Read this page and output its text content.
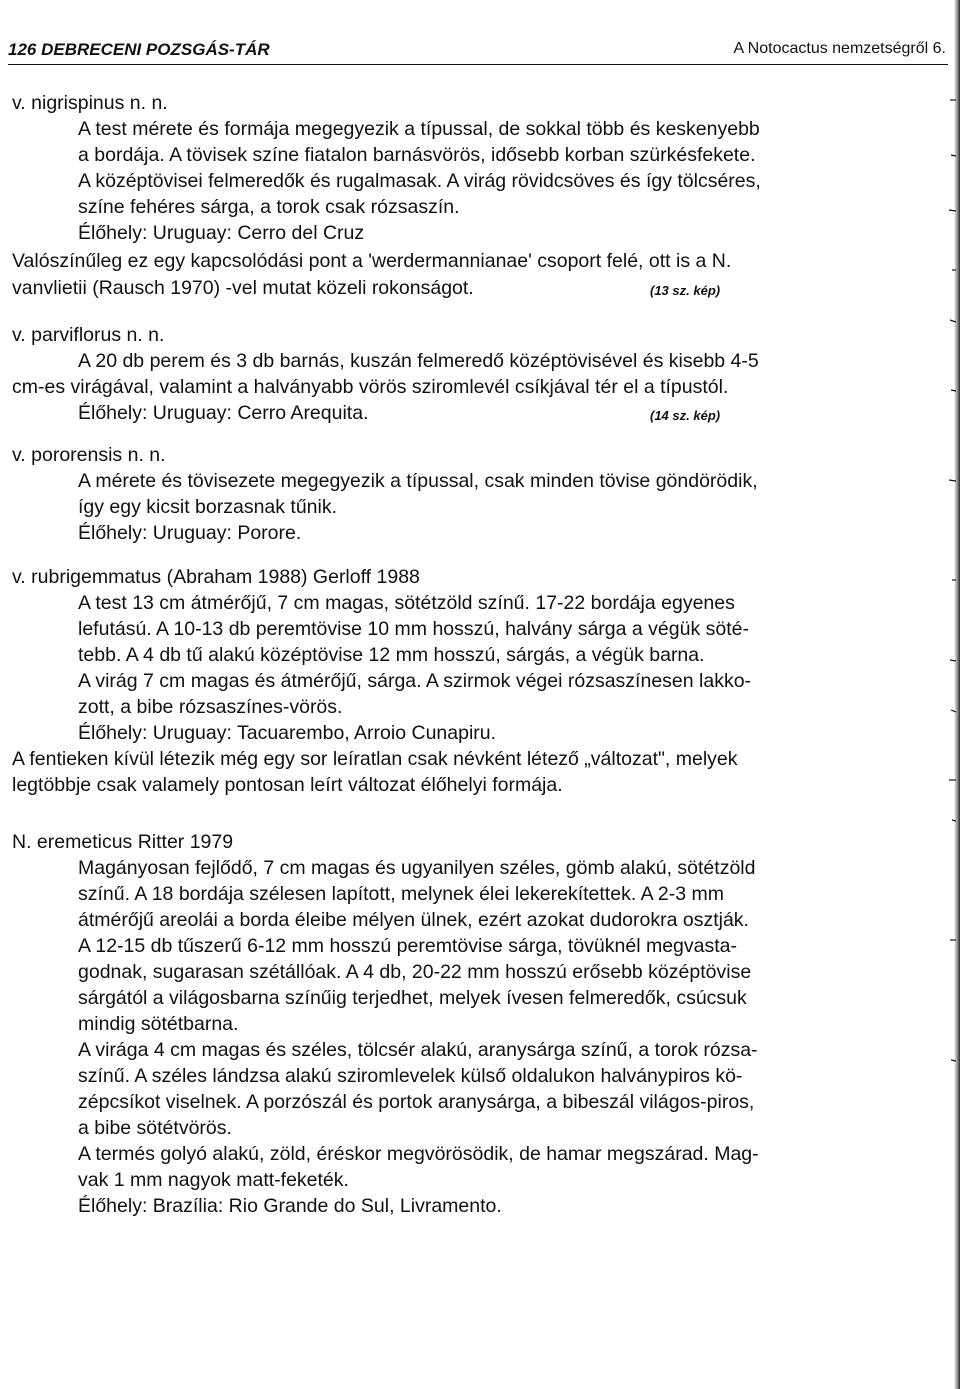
126 DEBRECENI POZSGÁS-TÁR	A Notocactus nemzetségről 6.
v. nigrispinus n. n.
A test mérete és formája megegyezik a típussal, de sokkal több és keskenyebb
a bordája. A tövisek színe fiatalon barnásvörös, idősebb korban szürkésfekete.
A középtövisei felmeredők és rugalmasak. A virág rövidcsöves és így tölcséres,
színe fehéres sárga, a torok csak rózsaszín.
Élőhely: Uruguay: Cerro del Cruz
Valószínűleg ez egy kapcsolódási pont a 'werdermannianae' csoport felé, ott is a N.
vanvlietii (Rausch 1970) -vel mutat közeli rokonságot.	(13 sz. kép)
v. parviflorus n. n.
A 20 db perem és 3 db barnás, kuszán felmeredő középtövisével és kisebb 4-5
cm-es virágával, valamint a halványabb vörös sziromlevél csíkjával tér el a típustól.
Élőhely: Uruguay: Cerro Arequita.	(14 sz. kép)
v. pororensis n. n.
A mérete és tövisezete megegyezik a típussal, csak minden tövise göndörödik,
így egy kicsit borzasnak tűnik.
Élőhely: Uruguay: Porore.
v. rubrigemmatus (Abraham 1988) Gerloff 1988
A test 13 cm átmérőjű, 7 cm magas, sötétzöld színű. 17-22 bordája egyenes
lefutású. A 10-13 db peremtövise 10 mm hosszú, halvány sárga a végük söté-
tebb. A 4 db tű alakú középtövise 12 mm hosszú, sárgás, a végük barna.
A virág 7 cm magas és átmérőjű, sárga. A szirmok végei rózsaszínesen lakko-
zott, a bibe rózsaszínes-vörös.
Élőhely: Uruguay: Tacuarembo, Arroio Cunapiru.
A fentieken kívül létezik még egy sor leíratlan csak névként létező „változat", melyek
legtöbbje csak valamely pontosan leírt változat élőhelyi formája.
N. eremeticus Ritter 1979
Magányosan fejlődő, 7 cm magas és ugyanilyen széles, gömb alakú, sötétzöld
színű. A 18 bordája szélesen lapított, melynek élei lekerekítettek. A 2-3 mm
átmérőjű areolái a borda éleibe mélyen ülnek, ezért azokat dudorokra osztják.
A 12-15 db tűszerű 6-12 mm hosszú peremtövise sárga, tövüknél megvasta-
godnak, sugarasan szétállóak. A 4 db, 20-22 mm hosszú erősebb középtövise
sárgától a világosbarna színűig terjedhet, melyek ívesen felmeredők, csúcsuk
mindig sötétbarna.
A virága 4 cm magas és széles, tölcsér alakú, aranysárga színű, a torok rózsa-
színű. A széles lándzsa alakú sziromlevelek külső oldalukon halványpiros kö-
zépcsíkot viselnek. A porzószál és portok aranysárga, a bibeszál világos-piros,
a bibe sötétvörös.
A termés golyó alakú, zöld, éréskor megvörösödik, de hamar megszárad. Mag-
vak 1 mm nagyok matt-feketék.
Élőhely: Brazília: Rio Grande do Sul, Livramento.
